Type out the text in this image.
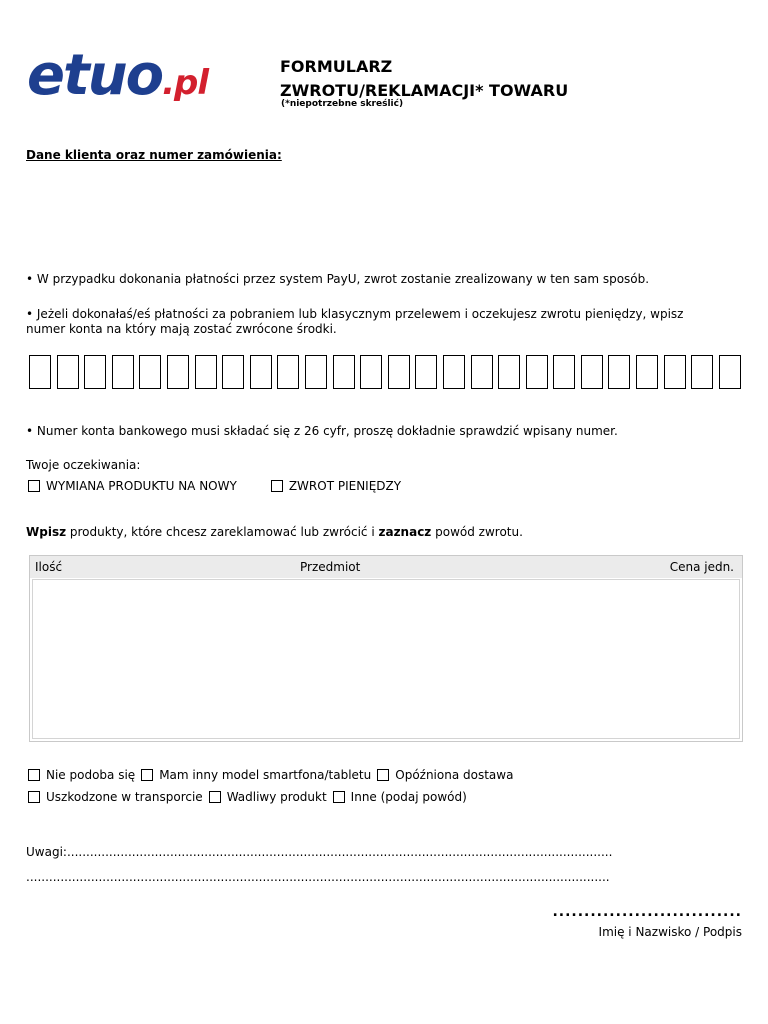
etuo.pl	FORMULARZ
ZWROTU/REKLAMACJI* TOWARU
(*niepotrzebne skreślić)
Dane klienta oraz numer zamówienia:
• W przypadku dokonania płatności przez system PayU, zwrot zostanie zrealizowany w ten sam sposób.
• Jeżeli dokonałaś/eś płatności za pobraniem lub klasycznym przelewem i oczekujesz zwrotu pieniędzy, wpisz
numer konta na który mają zostać zwrócone środki.
• Numer konta bankowego musi składać się z 26 cyfr, proszę dokładnie sprawdzić wpisany numer.
Twoje oczekiwania:
WYMIANA PRODUKTU NA NOWY	ZWROT PIENIĘDZY
Wpisz produkty, które chcesz zareklamować lub zwrócić i zaznacz powód zwrotu.
Ilość	Przedmiot	Cena jedn.
Nie podoba się Mam inny model smartfona/tabletu Opóźniona dostawa
Uszkodzone w transporcie Wadliwy produkt Inne (podaj powód)
Uwagi:...............................................................................................................................................
.........................................................................................................................................................
..............................
Imię i Nazwisko / Podpis
